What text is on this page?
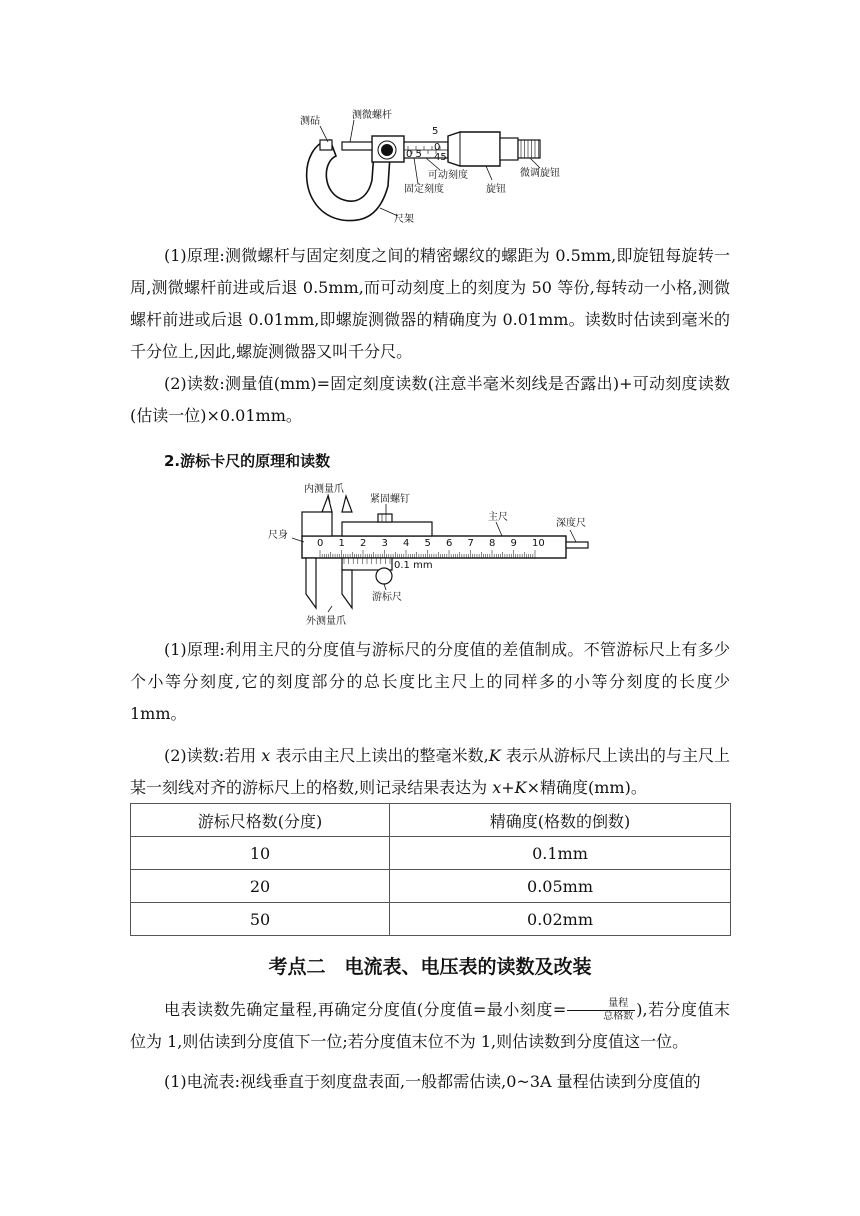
测砧
测微螺杆
5
0
45
0 5
可动刻度
固定刻度	旋钮
微调旋钮
尺架

(1)原理:测微螺杆与固定刻度之间的精密螺纹的螺距为 0.5mm,即旋钮每旋转一周,测微螺杆前进或后退 0.5mm,而可动刻度上的刻度为 50 等份,每转动一小格,测微螺杆前进或后退 0.01mm,即螺旋测微器的精确度为 0.01mm。读数时估读到毫米的千分位上,因此,螺旋测微器又叫千分尺。

(2)读数:测量值(mm)=固定刻度读数(注意半毫米刻线是否露出)+可动刻度读数(估读一位)×0.01mm。

2.游标卡尺的原理和读数
0 1 2 3 4 5 6 7 8 9 10
内测量爪
紧固螺钉
主尺
深度尺
尺身
游标尺
外测量爪
0.1 mm

(1)原理:利用主尺的分度值与游标尺的分度值的差值制成。不管游标尺上有多少个小等分刻度,它的刻度部分的总长度比主尺上的同样多的小等分刻度的长度少 1mm。

(2)读数:若用 x 表示由主尺上读出的整毫米数,K 表示从游标尺上读出的与主尺上某一刻线对齐的游标尺上的格数,则记录结果表达为 x+K×精确度(mm)。

游标尺格数(分度)	精确度(格数的倒数)
10	0.1mm
20	0.05mm
50	0.02mm
考点二　电流表、电压表的读数及改装

电表读数先确定量程,再确定分度值(分度值=最小刻度= $\frac{\text{量程}}{\text{总格数}}$ ),若分度值末位为 1,则估读到分度值下一位;若分度值末位不为 1,则估读数到分度值这一位。

(1)电流表:视线垂直于刻度盘表面,一般都需估读,0~3A 量程估读到分度值的
